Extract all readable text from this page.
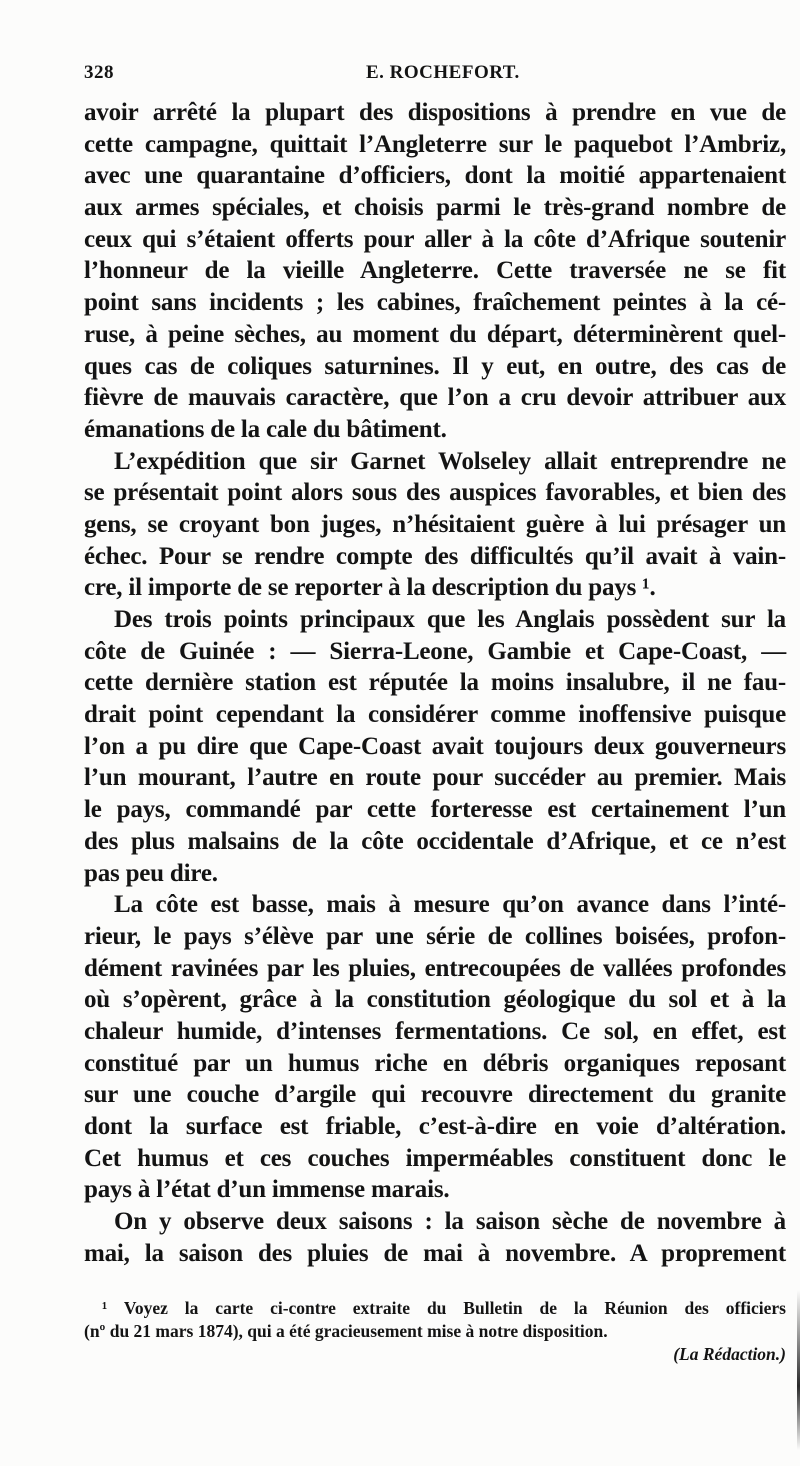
328	E. ROCHEFORT.
avoir arrêté la plupart des dispositions à prendre en vue de
cette campagne, quittait l’Angleterre sur le paquebot l’Ambriz,
avec une quarantaine d’officiers, dont la moitié appartenaient
aux armes spéciales, et choisis parmi le très-grand nombre de
ceux qui s’étaient offerts pour aller à la côte d’Afrique soutenir
l’honneur de la vieille Angleterre. Cette traversée ne se fit
point sans incidents ; les cabines, fraîchement peintes à la cé-
ruse, à peine sèches, au moment du départ, déterminèrent quel-
ques cas de coliques saturnines. Il y eut, en outre, des cas de
fièvre de mauvais caractère, que l’on a cru devoir attribuer aux
émanations de la cale du bâtiment.
L’expédition que sir Garnet Wolseley allait entreprendre ne
se présentait point alors sous des auspices favorables, et bien des
gens, se croyant bon juges, n’hésitaient guère à lui présager un
échec. Pour se rendre compte des difficultés qu’il avait à vain-
cre, il importe de se reporter à la description du pays ¹.
Des trois points principaux que les Anglais possèdent sur la
côte de Guinée : — Sierra-Leone, Gambie et Cape-Coast, —
cette dernière station est réputée la moins insalubre, il ne fau-
drait point cependant la considérer comme inoffensive puisque
l’on a pu dire que Cape-Coast avait toujours deux gouverneurs
l’un mourant, l’autre en route pour succéder au premier. Mais
le pays, commandé par cette forteresse est certainement l’un
des plus malsains de la côte occidentale d’Afrique, et ce n’est
pas peu dire.
La côte est basse, mais à mesure qu’on avance dans l’inté-
rieur, le pays s’élève par une série de collines boisées, profon-
dément ravinées par les pluies, entrecoupées de vallées profondes
où s’opèrent, grâce à la constitution géologique du sol et à la
chaleur humide, d’intenses fermentations. Ce sol, en effet, est
constitué par un humus riche en débris organiques reposant
sur une couche d’argile qui recouvre directement du granite
dont la surface est friable, c’est-à-dire en voie d’altération.
Cet humus et ces couches imperméables constituent donc le
pays à l’état d’un immense marais.
On y observe deux saisons : la saison sèche de novembre à
mai, la saison des pluies de mai à novembre. A proprement
¹ Voyez la carte ci-contre extraite du Bulletin de la Réunion des officiers
(nº du 21 mars 1874), qui a été gracieusement mise à notre disposition.
(La Rédaction.)
